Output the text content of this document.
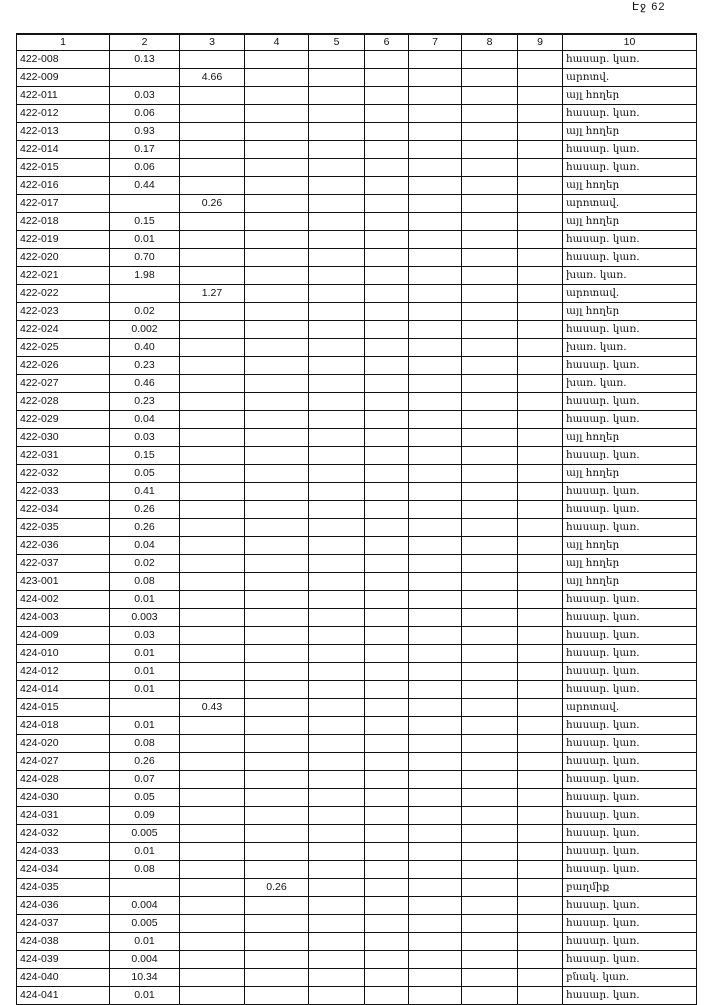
Էջ 62
1	2	3	4	5	6	7	8	9	10
422-008	0.13								հասար. կառ.
422-009		4.66							արոտվ.
422-011	0.03								այլ հողեր
422-012	0.06								հասար. կառ.
422-013	0.93								այլ հողեր
422-014	0.17								հասար. կառ.
422-015	0.06								հասար. կառ.
422-016	0.44								այլ հողեր
422-017		0.26							արոտավ.
422-018	0.15								այլ հողեր
422-019	0.01								հասար. կառ.
422-020	0.70								հասար. կառ.
422-021	1.98								խառ. կառ.
422-022		1.27							արոտավ.
422-023	0.02								այլ հողեր
422-024	0.002								հասար. կառ.
422-025	0.40								խառ. կառ.
422-026	0.23								հասար. կառ.
422-027	0.46								խառ. կառ.
422-028	0.23								հասար. կառ.
422-029	0.04								հասար. կառ.
422-030	0.03								այլ հողեր
422-031	0.15								հասար. կառ.
422-032	0.05								այլ հողեր
422-033	0.41								հասար. կառ.
422-034	0.26								հասար. կառ.
422-035	0.26								հասար. կառ.
422-036	0.04								այլ հողեր
422-037	0.02								այլ հողեր
423-001	0.08								այլ հողեր
424-002	0.01								հասար. կառ.
424-003	0.003								հասար. կառ.
424-009	0.03								հասար. կառ.
424-010	0.01								հասար. կառ.
424-012	0.01								հասար. կառ.
424-014	0.01								հասար. կառ.
424-015		0.43							արոտավ.
424-018	0.01								հասար. կառ.
424-020	0.08								հասար. կառ.
424-027	0.26								հասար. կառ.
424-028	0.07								հասար. կառ.
424-030	0.05								հասար. կառ.
424-031	0.09								հասար. կառ.
424-032	0.005								հասար. կառ.
424-033	0.01								հասար. կառ.
424-034	0.08								հասար. կառ.
424-035			0.26						բաղմիք
424-036	0.004								հասար. կառ.
424-037	0.005								հասար. կառ.
424-038	0.01								հասար. կառ.
424-039	0.004								հասար. կառ.
424-040	10.34								բնակ. կառ.
424-041	0.01								հասար. կառ.
